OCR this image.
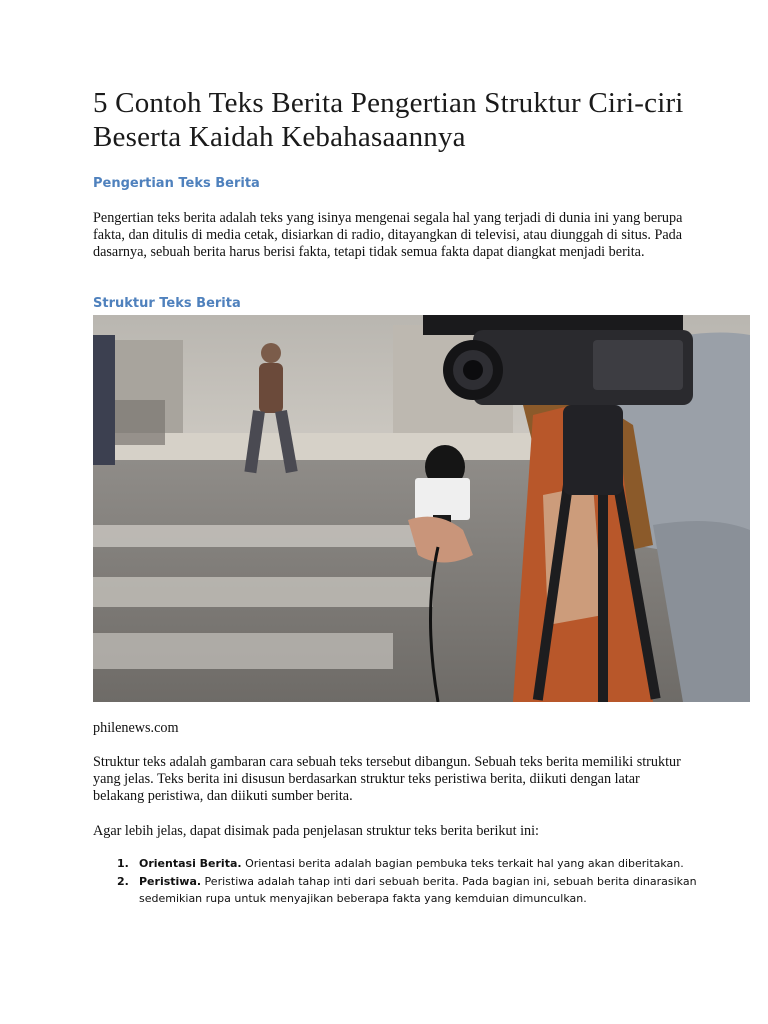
5 Contoh Teks Berita Pengertian Struktur Ciri-ciri Beserta Kaidah Kebahasaannya
Pengertian Teks Berita

Pengertian teks berita adalah teks yang isinya mengenai segala hal yang terjadi di dunia ini yang berupa fakta, dan ditulis di media cetak, disiarkan di radio, ditayangkan di televisi, atau diunggah di situs. Pada dasarnya, sebuah berita harus berisi fakta, tetapi tidak semua fakta dapat diangkat menjadi berita.

Struktur Teks Berita
philenews.com

Struktur teks adalah gambaran cara sebuah teks tersebut dibangun. Sebuah teks berita memiliki struktur yang jelas. Teks berita ini disusun berdasarkan struktur teks peristiwa berita, diikuti dengan latar belakang peristiwa, dan diikuti sumber berita.

Agar lebih jelas, dapat disimak pada penjelasan struktur teks berita berikut ini:

1. Orientasi Berita. Orientasi berita adalah bagian pembuka teks terkait hal yang akan diberitakan.
2. Peristiwa. Peristiwa adalah tahap inti dari sebuah berita. Pada bagian ini, sebuah berita dinarasikan sedemikian rupa untuk menyajikan beberapa fakta yang kemduian dimunculkan.
